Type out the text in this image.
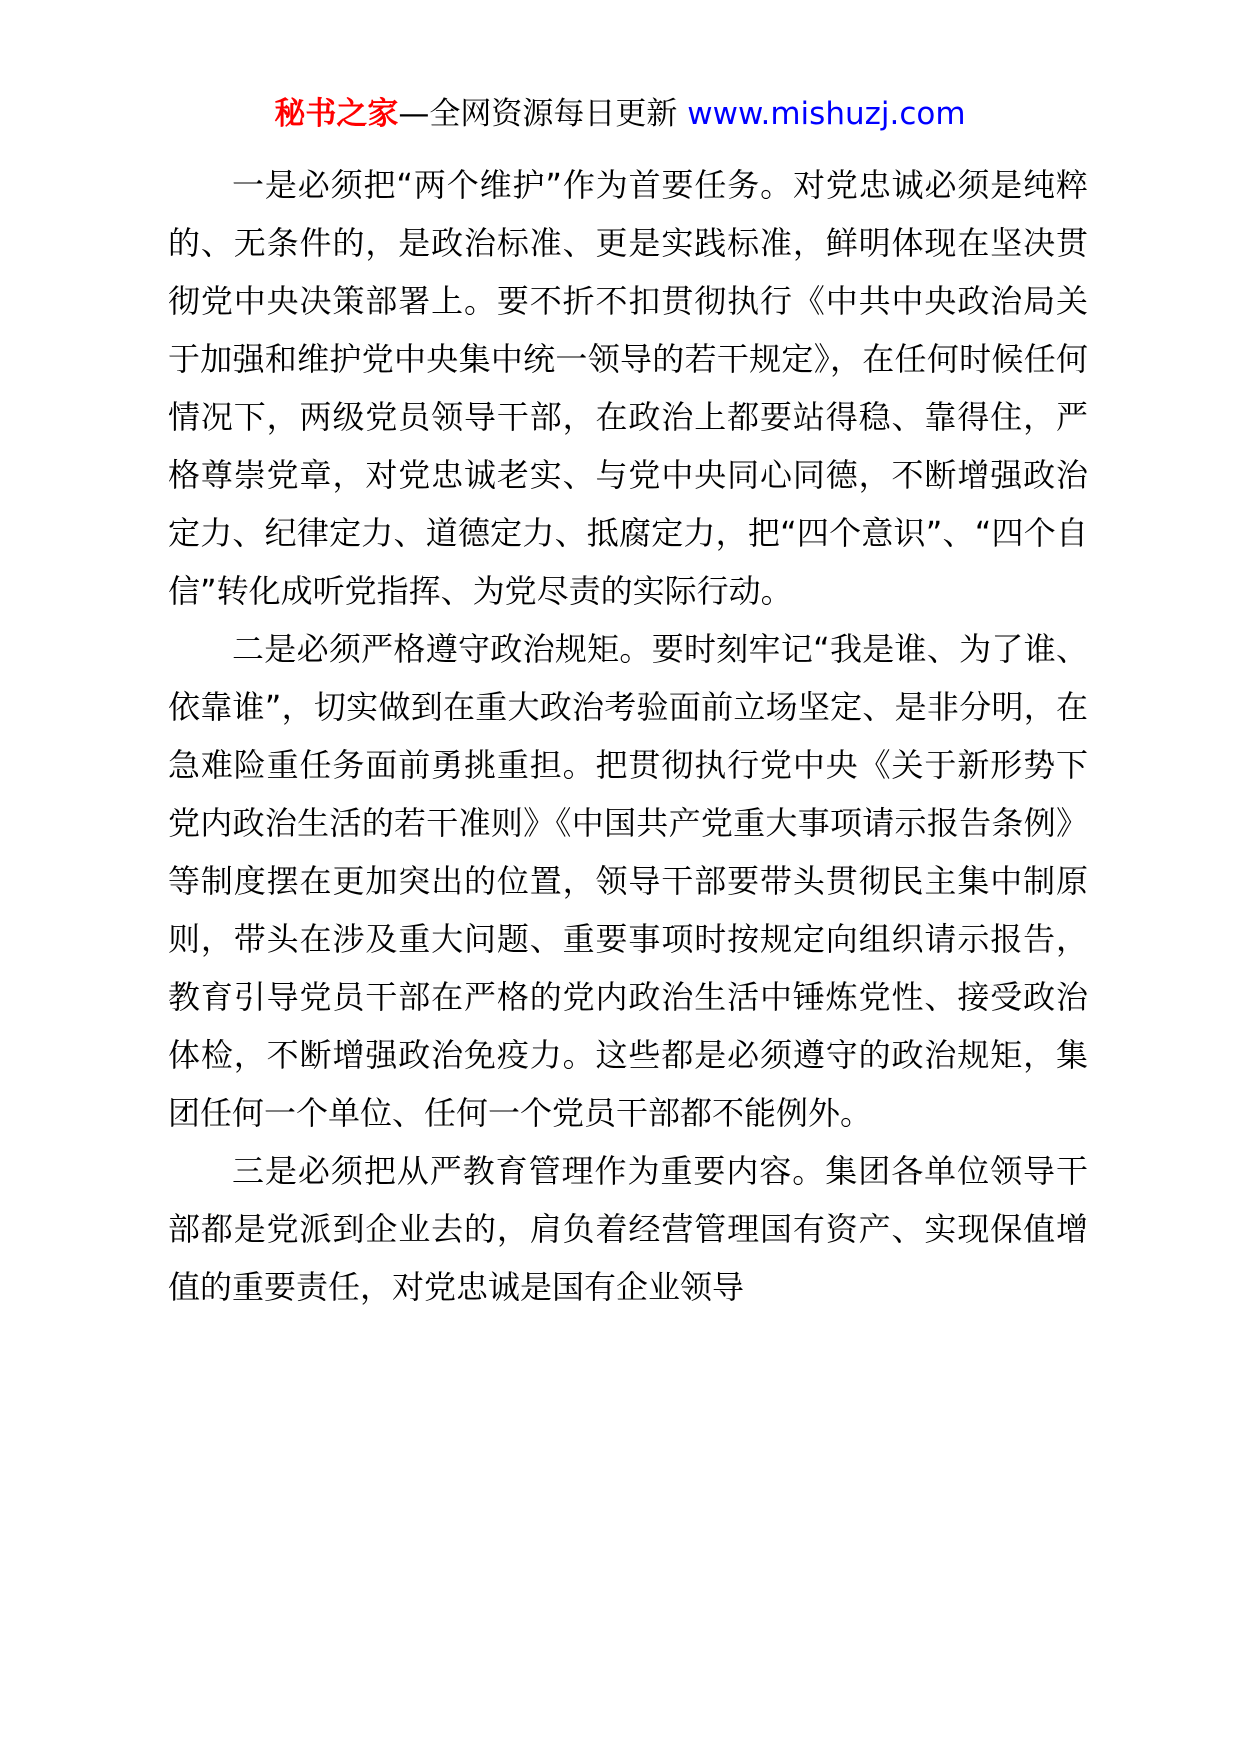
秘书之家—全网资源每日更新 www.mishuzj.com

一是必须把“两个维护”作为首要任务。对党忠诚必须是纯粹的、无条件的，是政治标准、更是实践标准，鲜明体现在坚决贯彻党中央决策部署上。要不折不扣贯彻执行《中共中央政治局关于加强和维护党中央集中统一领导的若干规定》，在任何时候任何情况下，两级党员领导干部，在政治上都要站得稳、靠得住，严格尊崇党章，对党忠诚老实、与党中央同心同德，不断增强政治定力、纪律定力、道德定力、抵腐定力，把“四个意识”、“四个自信”转化成听党指挥、为党尽责的实际行动。

二是必须严格遵守政治规矩。要时刻牢记“我是谁、为了谁、依靠谁”，切实做到在重大政治考验面前立场坚定、是非分明，在急难险重任务面前勇挑重担。把贯彻执行党中央《关于新形势下党内政治生活的若干准则》《中国共产党重大事项请示报告条例》等制度摆在更加突出的位置，领导干部要带头贯彻民主集中制原则，带头在涉及重大问题、重要事项时按规定向组织请示报告，教育引导党员干部在严格的党内政治生活中锤炼党性、接受政治体检，不断增强政治免疫力。这些都是必须遵守的政治规矩，集团任何一个单位、任何一个党员干部都不能例外。

三是必须把从严教育管理作为重要内容。集团各单位领导干部都是党派到企业去的，肩负着经营管理国有资产、实现保值增值的重要责任，对党忠诚是国有企业领导
